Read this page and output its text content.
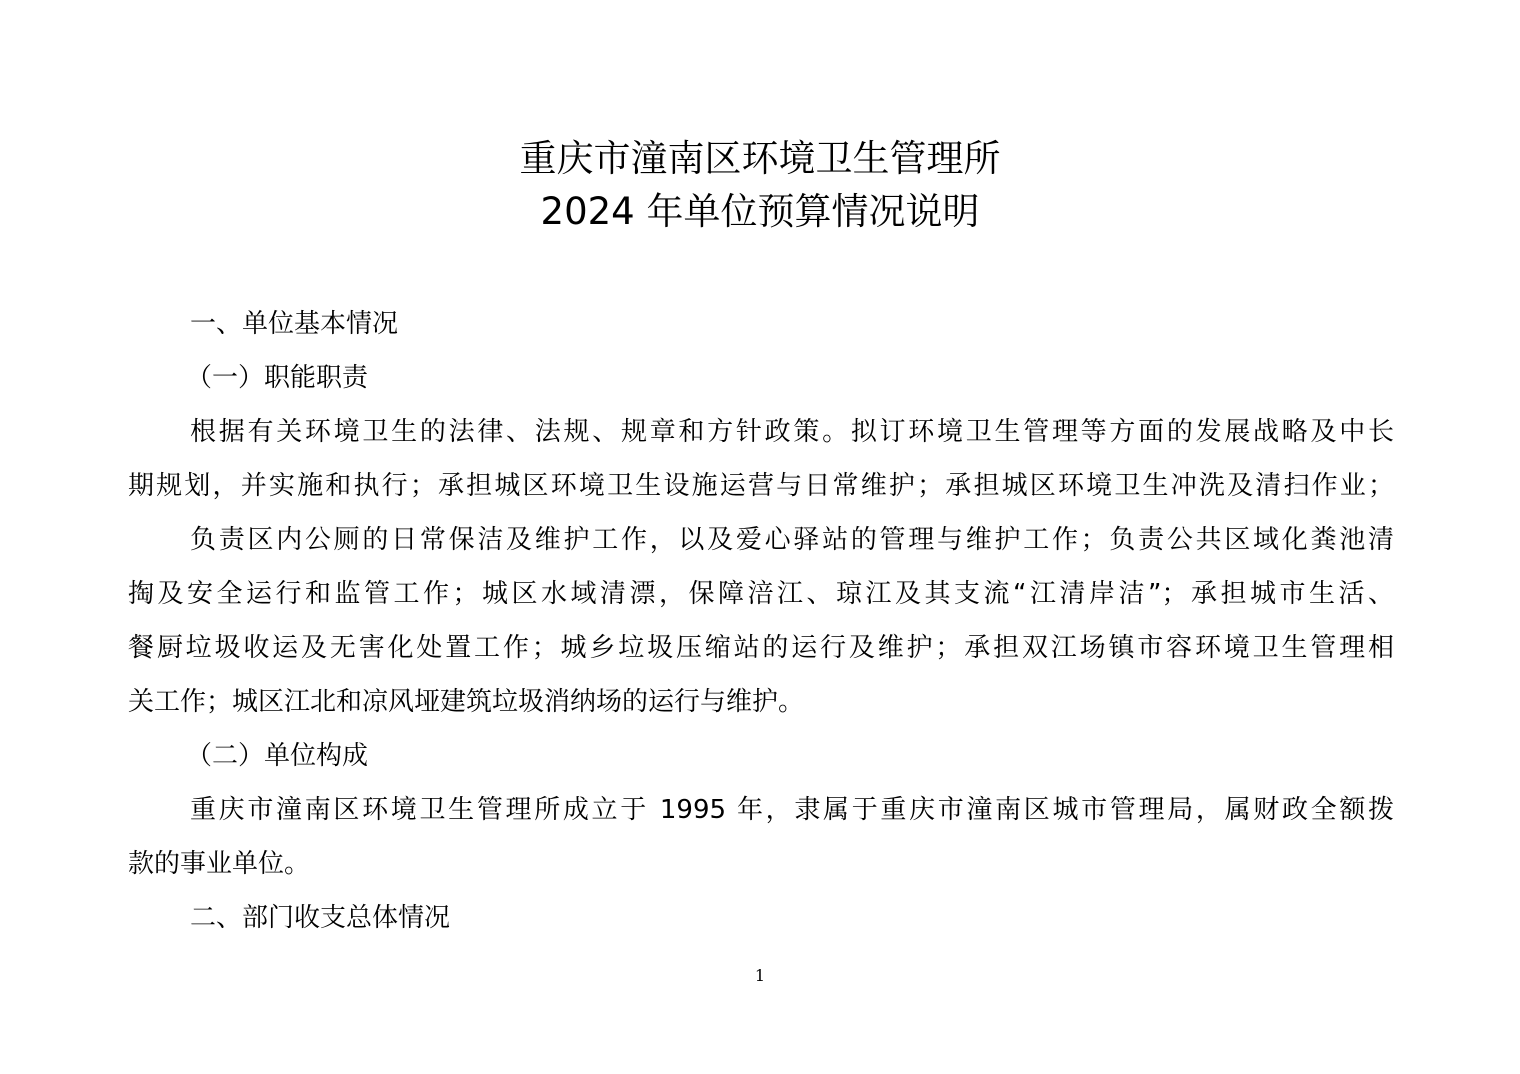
重庆市潼南区环境卫生管理所
2024 年单位预算情况说明
一、单位基本情况
（一）职能职责
根据有关环境卫生的法律、法规、规章和方针政策。拟订环境卫生管理等方面的发展战略及中长
期规划，并实施和执行；承担城区环境卫生设施运营与日常维护；承担城区环境卫生冲洗及清扫作业；
负责区内公厕的日常保洁及维护工作，以及爱心驿站的管理与维护工作；负责公共区域化粪池清
掏及安全运行和监管工作；城区水域清漂，保障涪江、琼江及其支流“江清岸洁”；承担城市生活、
餐厨垃圾收运及无害化处置工作；城乡垃圾压缩站的运行及维护；承担双江场镇市容环境卫生管理相
关工作；城区江北和凉风垭建筑垃圾消纳场的运行与维护。
（二）单位构成
重庆市潼南区环境卫生管理所成立于 1995 年，隶属于重庆市潼南区城市管理局，属财政全额拨
款的事业单位。
二、部门收支总体情况
1
